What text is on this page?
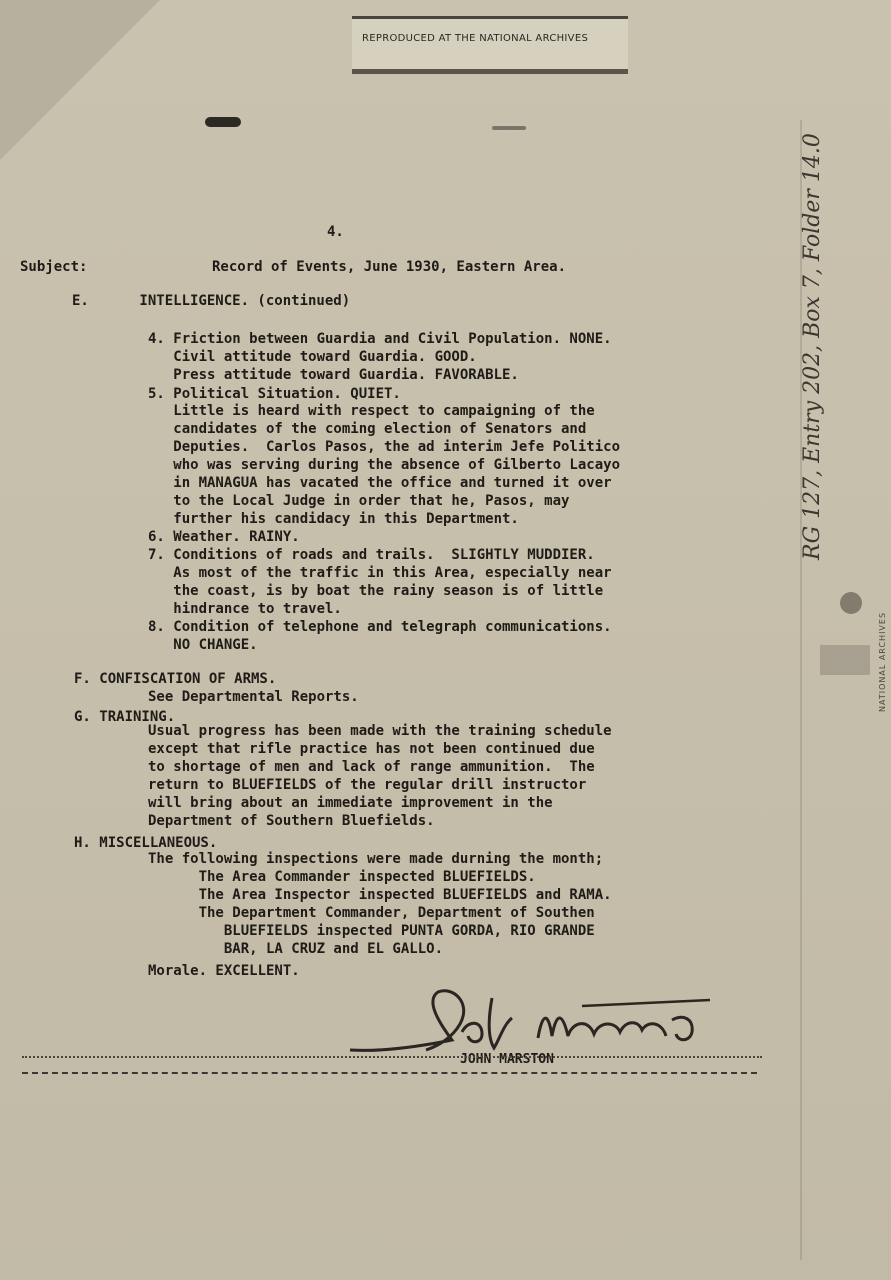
REPRODUCED AT THE NATIONAL ARCHIVES
RG 127, Entry 202, Box 7, Folder 14.0
NATIONAL ARCHIVES
4.
Subject:	Record of Events, June 1930, Eastern Area.
E.      INTELLIGENCE. (continued)
4. Friction between Guardia and Civil Population. NONE.
Civil attitude toward Guardia. GOOD.
Press attitude toward Guardia. FAVORABLE.
5. Political Situation. QUIET.
Little is heard with respect to campaigning of the
candidates of the coming election of Senators and
Deputies.  Carlos Pasos, the ad interim Jefe Politico
who was serving during the absence of Gilberto Lacayo
in MANAGUA has vacated the office and turned it over
to the Local Judge in order that he, Pasos, may
further his candidacy in this Department.
6. Weather. RAINY.
7. Conditions of roads and trails.  SLIGHTLY MUDDIER.
As most of the traffic in this Area, especially near
the coast, is by boat the rainy season is of little
hindrance to travel.
8. Condition of telephone and telegraph communications.
NO CHANGE.
F. CONFISCATION OF ARMS.
See Departmental Reports.
G. TRAINING.
Usual progress has been made with the training schedule
except that rifle practice has not been continued due
to shortage of men and lack of range ammunition.  The
return to BLUEFIELDS of the regular drill instructor
will bring about an immediate improvement in the
Department of Southern Bluefields.
H. MISCELLANEOUS.
The following inspections were made durning the month;
The Area Commander inspected BLUEFIELDS.
The Area Inspector inspected BLUEFIELDS and RAMA.
The Department Commander, Department of Southen
BLUEFIELDS inspected PUNTA GORDA, RIO GRANDE
BAR, LA CRUZ and EL GALLO.
Morale. EXCELLENT.
JOHN MARSTON
